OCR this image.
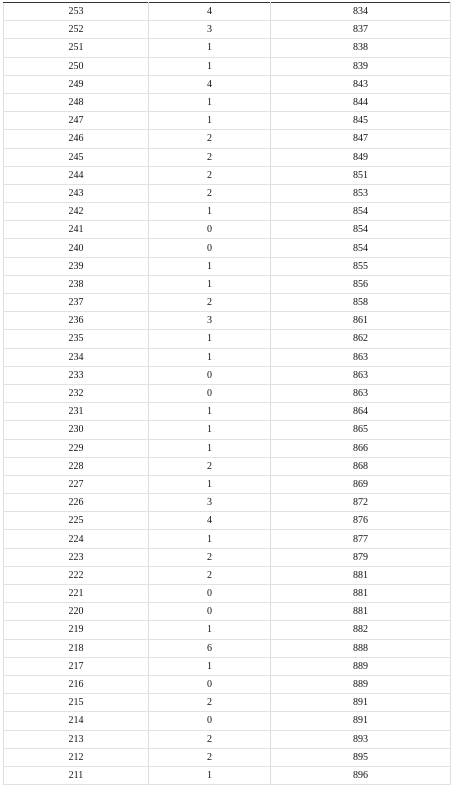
253	4	834
252	3	837
251	1	838
250	1	839
249	4	843
248	1	844
247	1	845
246	2	847
245	2	849
244	2	851
243	2	853
242	1	854
241	0	854
240	0	854
239	1	855
238	1	856
237	2	858
236	3	861
235	1	862
234	1	863
233	0	863
232	0	863
231	1	864
230	1	865
229	1	866
228	2	868
227	1	869
226	3	872
225	4	876
224	1	877
223	2	879
222	2	881
221	0	881
220	0	881
219	1	882
218	6	888
217	1	889
216	0	889
215	2	891
214	0	891
213	2	893
212	2	895
211	1	896
